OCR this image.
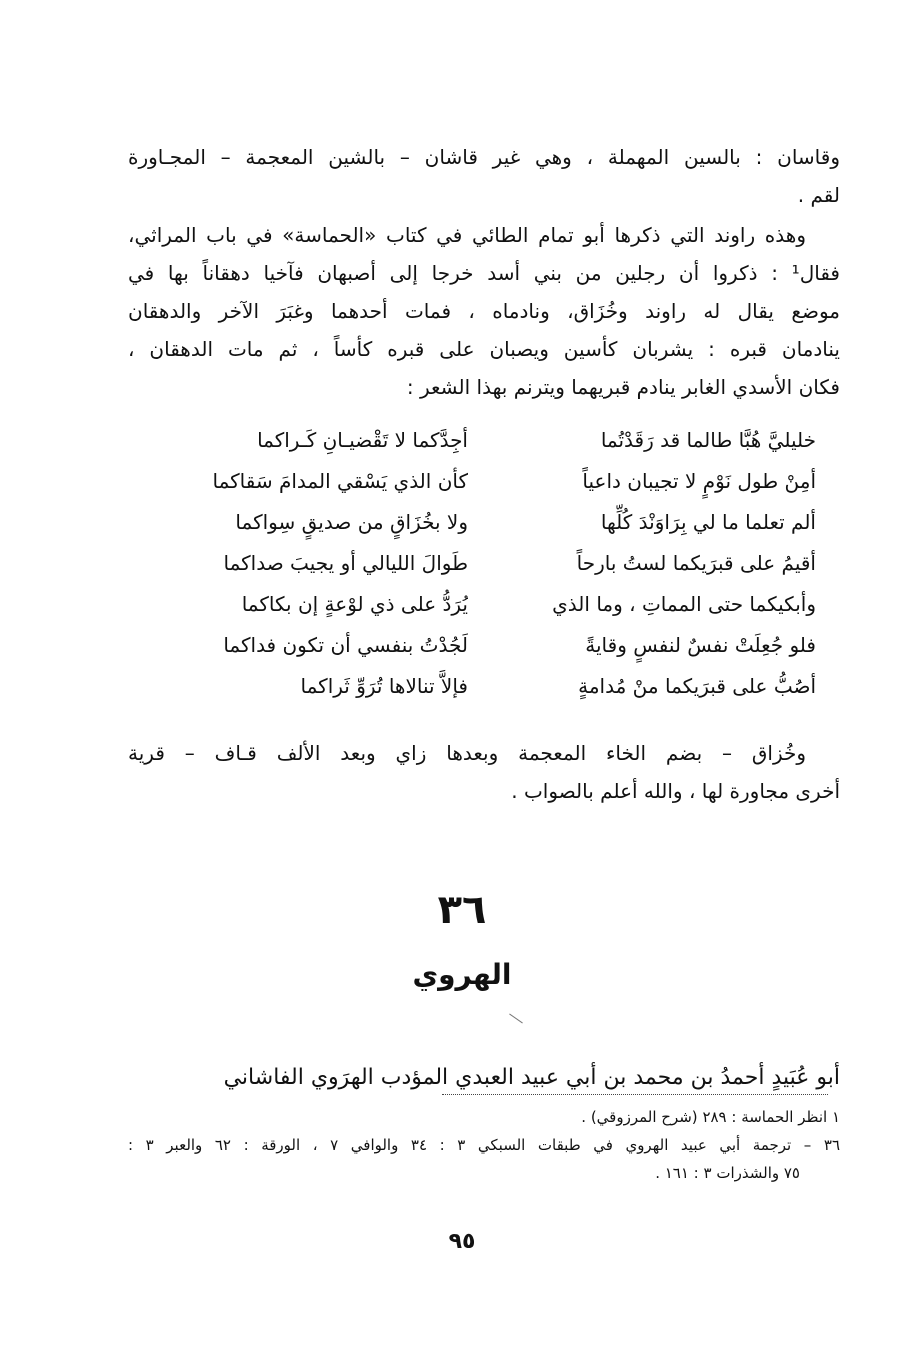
وقاسان : بالسين المهملة ، وهي غير قاشان – بالشين المعجمة – المجـاورة
لقم .
وهذه راوند التي ذكرها أبو تمام الطائي في كتاب «الحماسة» في باب المراثي،
فقال¹ : ذكروا أن رجلين من بني أسد خرجا إلى أصبهان فآخيا دهقاناً بها في
موضع يقال له راوند وخُزَاق، ونادماه ، فمات أحدهما وغبَرَ الآخر والدهقان
ينادمان قبره : يشربان كأسين ويصبان على قبره كأساً ، ثم مات الدهقان ،
فكان الأسدي الغابر ينادم قبريهما ويترنم بهذا الشعر :
خليليَّ هُبَّا طالما قد رَقَدْتُما
أجِدَّكما لا تَقْضيـانِ كَـراكما
أمِنْ طول نَوْمٍ لا تجيبان داعياً
كأن الذي يَسْقي المدامَ سَقاكما
ألم تعلما ما لي بِرَاوَنْدَ كُلِّها
ولا بخُزَاقٍ من صديقٍ سِواكما
أقيمُ على قبرَيكما لستُ بارحاً
طَوالَ الليالي أو يجيبَ صداكما
وأبكيكما حتى المماتِ ، وما الذي
يُرَدُّ على ذي لوْعةٍ إن بكاكما
فلو جُعِلَتْ نفسٌ لنفسٍ وقايةً
لَجُدْتُ بنفسي أن تكون فداكما
أصُبُّ على قبرَيكما منْ مُدامةٍ
فإلاَّ تنالاها تُرَوِّ ثَراكما
وخُزاق – بضم الخاء المعجمة وبعدها زاي وبعد الألف قـاف – قرية
أخرى مجاورة لها ، والله أعلم بالصواب .
٣٦
الهروي
أبو عُبَيدٍ أحمدُ بن محمد بن أبي عبيد العبدي المؤدب الهرَوي الفاشاني
١ انظر الحماسة : ٢٨٩ (شرح المرزوقي) .
٣٦ – ترجمة أبي عبيد الهروي في طبقات السبكي ٣ : ٣٤ والوافي ٧ ، الورقة : ٦٢ والعبر ٣ :
٧٥ والشذرات ٣ : ١٦١ .
٩٥
